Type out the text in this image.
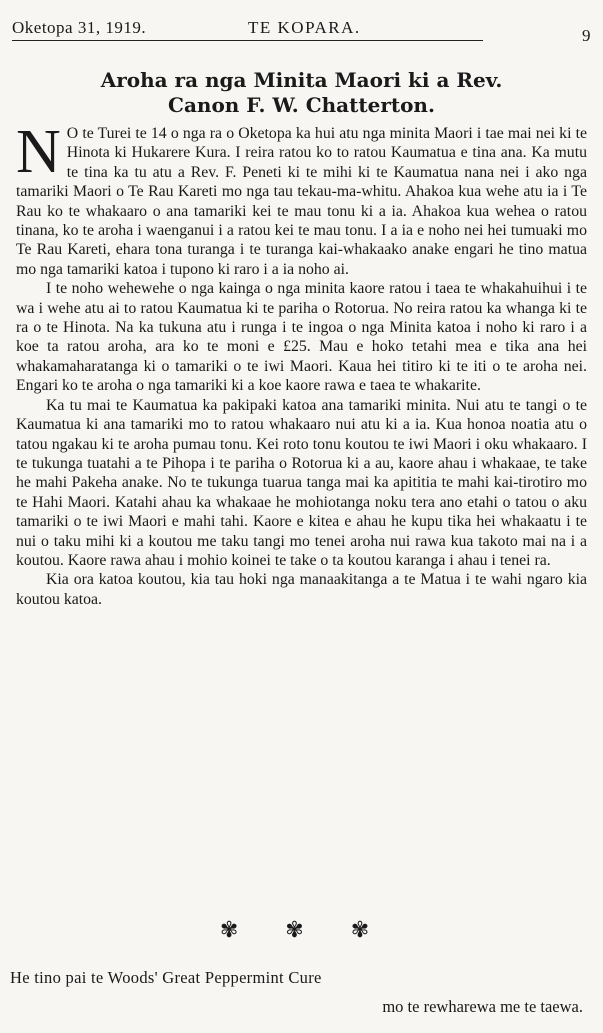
Oketopa 31, 1919.	TE KOPARA.	9
Aroha ra nga Minita Maori ki a Rev.
Canon F. W. Chatterton.

N O te Turei te 14 o nga ra o Oketopa ka hui atu nga minita Maori i tae mai nei ki te Hinota ki Hukarere Kura. I reira ratou ko to ratou Kaumatua e tina ana. Ka mutu te tina ka tu atu a Rev. F. Peneti ki te mihi ki te Kaumatua nana nei i ako nga tamariki Maori o Te Rau Kareti mo nga tau tekau-ma-whitu. Ahakoa kua wehe atu ia i Te Rau ko te whakaaro o ana tamariki kei te mau tonu ki a ia. Ahakoa kua wehea o ratou tinana, ko te aroha i waenganui i a ratou kei te mau tonu. I a ia e noho nei hei tumuaki mo Te Rau Kareti, ehara tona turanga i te turanga kai-whakaako anake engari he tino matua mo nga tamariki katoa i tupono ki raro i a ia noho ai.

I te noho wehewehe o nga kainga o nga minita kaore ratou i taea te whakahuihui i te wa i wehe atu ai to ratou Kaumatua ki te pariha o Rotorua. No reira ratou ka whanga ki te ra o te Hinota. Na ka tukuna atu i runga i te ingoa o nga Minita katoa i noho ki raro i a koe ta ratou aroha, ara ko te moni e £25. Mau e hoko tetahi mea e tika ana hei whakamaharatanga ki o tamariki o te iwi Maori. Kaua hei titiro ki te iti o te aroha nei. Engari ko te aroha o nga tamariki ki a koe kaore rawa e taea te whakarite.

Ka tu mai te Kaumatua ka pakipaki katoa ana tamariki minita. Nui atu te tangi o te Kaumatua ki ana tamariki mo to ratou whakaaro nui atu ki a ia. Kua honoa noatia atu o tatou ngakau ki te aroha pumau tonu. Kei roto tonu koutou te iwi Maori i oku whakaaro. I te tukunga tuatahi a te Pihopa i te pariha o Rotorua ki a au, kaore ahau i whakaae, te take he mahi Pakeha anake. No te tukunga tuarua tanga mai ka apititia te mahi kai-tirotiro mo te Hahi Maori. Katahi ahau ka whakaae he mohiotanga noku tera ano etahi o tatou o aku tamariki o te iwi Maori e mahi tahi. Kaore e kitea e ahau he kupu tika hei whakaatu i te nui o taku mihi ki a koutou me taku tangi mo tenei aroha nui rawa kua takoto mai na i a koutou. Kaore rawa ahau i mohio koinei te take o ta koutou karanga i ahau i tenei ra.

Kia ora katoa koutou, kia tau hoki nga manaakitanga a te Matua i te wahi ngaro kia koutou katoa.

✾ ✾ ✾
He tino pai te Woods' Great Peppermint Cure
mo te rewharewa me te taewa.
